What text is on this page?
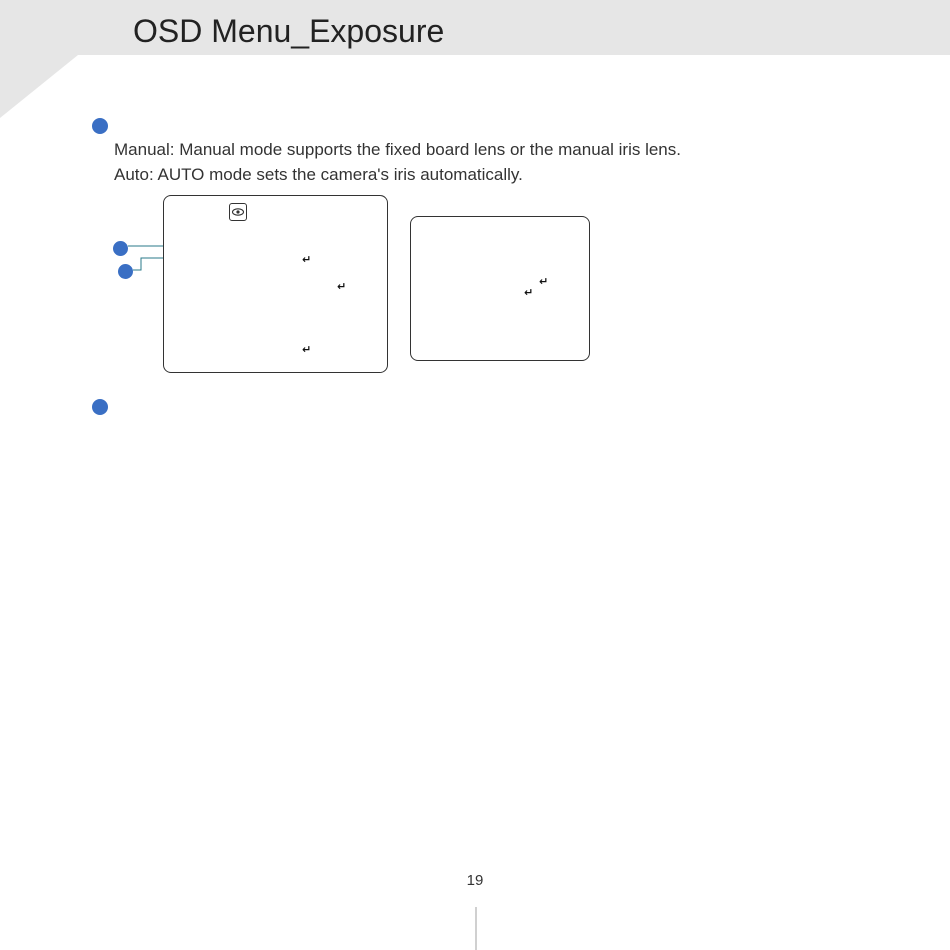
OSD Menu_Exposure
Manual: Manual mode supports the fixed board lens or the manual iris lens.
Auto: AUTO mode sets the camera's iris automatically.
↵
↵
↵
↵
↵
19
